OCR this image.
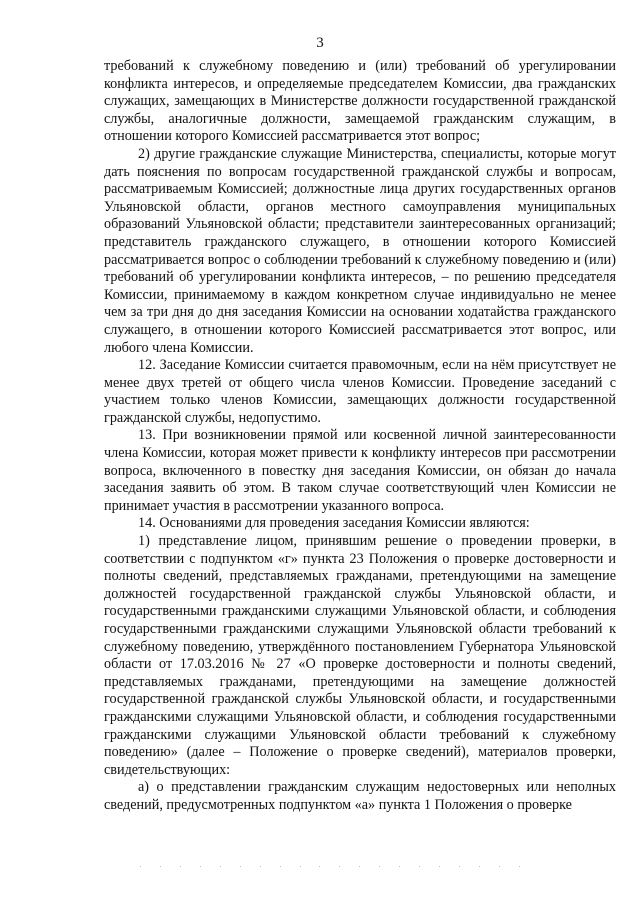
3

требований к служебному поведению и (или) требований об урегулировании конфликта интересов, и определяемые председателем Комиссии, два гражданских служащих, замещающих в Министерстве должности государственной гражданской службы, аналогичные должности, замещаемой гражданским служащим, в отношении которого Комиссией рассматривается этот вопрос;

2) другие гражданские служащие Министерства, специалисты, которые могут дать пояснения по вопросам государственной гражданской службы и вопросам, рассматриваемым Комиссией; должностные лица других государственных органов Ульяновской области, органов местного самоуправления муниципальных образований Ульяновской области; представители заинтересованных организаций; представитель гражданского служащего, в отношении которого Комиссией рассматривается вопрос о соблюдении требований к служебному поведению и (или) требований об урегулировании конфликта интересов, – по решению председателя Комиссии, принимаемому в каждом конкретном случае индивидуально не менее чем за три дня до дня заседания Комиссии на основании ходатайства гражданского служащего, в отношении которого Комиссией рассматривается этот вопрос, или любого члена Комиссии.

12. Заседание Комиссии считается правомочным, если на нём присутствует не менее двух третей от общего числа членов Комиссии. Проведение заседаний с участием только членов Комиссии, замещающих должности государственной гражданской службы, недопустимо.

13. При возникновении прямой или косвенной личной заинтересованности члена Комиссии, которая может привести к конфликту интересов при рассмотрении вопроса, включенного в повестку дня заседания Комиссии, он обязан до начала заседания заявить об этом. В таком случае соответствующий член Комиссии не принимает участия в рассмотрении указанного вопроса.

14. Основаниями для проведения заседания Комиссии являются:

1) представление лицом, принявшим решение о проведении проверки, в соответствии с подпунктом «г» пункта 23 Положения о проверке достоверности и полноты сведений, представляемых гражданами, претендующими на замещение должностей государственной гражданской службы Ульяновской области, и государственными гражданскими служащими Ульяновской области, и соблюдения государственными гражданскими служащими Ульяновской области требований к служебному поведению, утверждённого постановлением Губернатора Ульяновской области от 17.03.2016 № 27 «О проверке достоверности и полноты сведений, представляемых гражданами, претендующими на замещение должностей государственной гражданской службы Ульяновской области, и государственными гражданскими служащими Ульяновской области, и соблюдения государственными гражданскими служащими Ульяновской области требований к служебному поведению» (далее – Положение о проверке сведений), материалов проверки, свидетельствующих:

а) о представлении гражданским служащим недостоверных или неполных сведений, предусмотренных подпунктом «а» пункта 1 Положения о проверке
